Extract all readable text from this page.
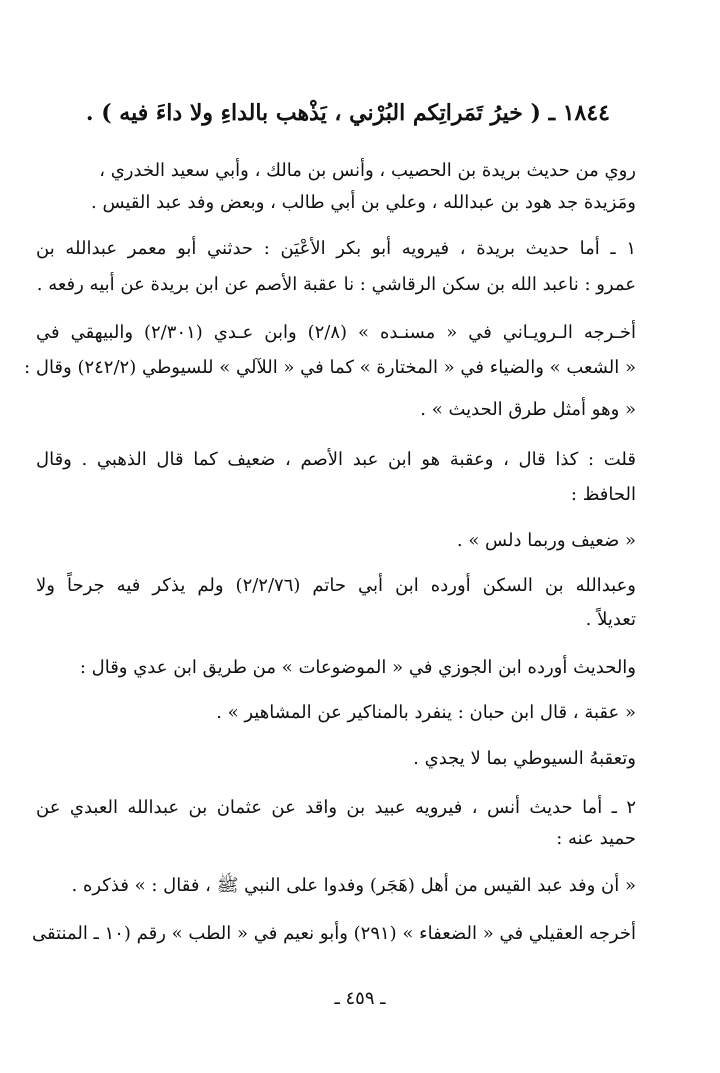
١٨٤٤ ـ ( خيرُ تَمَراتِكم البُرْني ، يَذْهب بالداءِ ولا داءَ فيه ) .
روي من حديث بريدة بن الحصيب ، وأنس بن مالك ، وأبي سعيد الخدري ،
ومَزيدة جد هود بن عبدالله ، وعلي بن أبي طالب ، وبعض وفد عبد القيس .
١ ـ أما حديث بريدة ، فيرويه أبو بكر الأعْيَن : حدثني أبو معمر عبدالله بن
عمرو : ناعبد الله بن سكن الرقاشي : نا عقبة الأصم عن ابن بريدة عن أبيه رفعه .
أخـرجه الـرويـاني في « مسنـده » (٢/٨) وابن عـدي (٢/٣٠١) والبيهقي في
« الشعب » والضياء في « المختارة » كما في « اللآلي » للسيوطي (٢٤٢/٢) وقال :
« وهو أمثل طرق الحديث » .
قلت : كذا قال ، وعقبة هو ابن عبد الأصم ، ضعيف كما قال الذهبي . وقال
الحافظ :
« ضعيف وربما دلس » .
وعبدالله بن السكن أورده ابن أبي حاتم (٢/٢/٧٦) ولم يذكر فيه جرحاً ولا
تعديلاً .
والحديث أورده ابن الجوزي في « الموضوعات » من طريق ابن عدي وقال :
« عقبة ، قال ابن حبان : ينفرد بالمناكير عن المشاهير » .
وتعقبهُ السيوطي بما لا يجدي .
٢ ـ أما حديث أنس ، فيرويه عبيد بن واقد عن عثمان بن عبدالله العبدي عن
حميد عنه :
« أن وفد عبد القيس من أهل (هَجَر) وفدوا على النبي ﷺ ، فقال : » فذكره .
أخرجه العقيلي في « الضعفاء » (٢٩١) وأبو نعيم في « الطب » رقم (١٠ ـ المنتقى
ـ ٤٥٩ ـ
